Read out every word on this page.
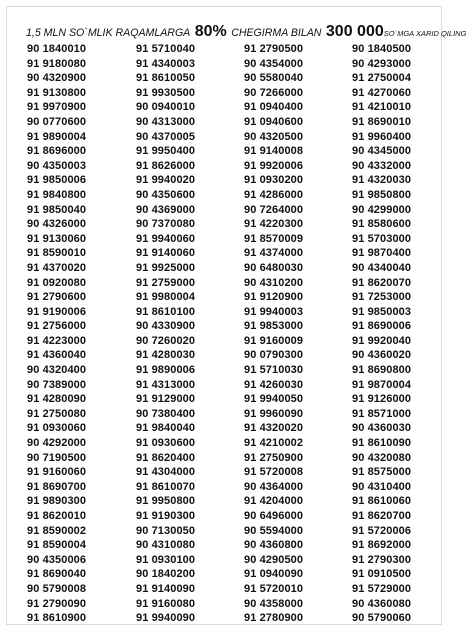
1,5 MLN SO`MLIK RAQAMLARGA 80% CHEGIRMA BILAN 300 000SO`MGA XARID QILING
90 1840010	91 5710040	91 2790500	90 1840500
91 9180080	91 4340003	90 4354000	90 4293000
90 4320900	91 8610050	90 5580040	91 2750004
91 9130800	91 9930500	90 7266000	91 4270060
91 9970900	90 0940010	91 0940400	91 4210010
90 0770600	90 4313000	91 0940600	91 8690010
91 9890004	90 4370005	90 4320500	91 9960400
91 8696000	91 9950400	91 9140008	90 4345000
90 4350003	91 8626000	91 9920006	90 4332000
91 9850006	91 9940020	91 0930200	91 4320030
91 9840800	90 4350600	91 4286000	91 9850800
91 9850040	90 4369000	90 7264000	90 4299000
90 4326000	90 7370080	91 4220300	91 8580600
91 9130060	91 9940060	91 8570009	91 5703000
91 8590010	91 9140060	91 4374000	91 9870400
91 4370020	91 9925000	90 6480030	90 4340040
91 0920080	91 2759000	90 4310200	91 8620070
91 2790600	91 9980004	91 9120900	91 7253000
91 9190006	91 8610100	91 9940003	91 9850003
91 2756000	90 4330900	91 9853000	91 8690006
91 4223000	90 7260020	91 9160009	91 9920040
91 4360040	91 4280030	90 0790300	90 4360020
90 4320400	91 9890006	91 5710030	91 8690800
90 7389000	91 4313000	91 4260030	91 9870004
91 4280090	91 9129000	91 9940050	91 9126000
91 2750080	90 7380400	91 9960090	91 8571000
91 0930060	91 9840040	91 4320020	90 4360030
90 4292000	91 0930600	91 4210002	91 8610090
90 7190500	91 8620400	91 2750900	90 4320080
91 9160060	91 4304000	91 5720008	91 8575000
91 8690700	91 8610070	90 4364000	90 4310400
91 9890300	91 9950800	91 4204000	91 8610060
91 8620010	91 9190300	90 6496000	91 8620700
91 8590002	90 7130050	90 5594000	91 5720006
91 8590004	90 4310080	90 4360800	91 8692000
90 4350006	91 0930100	90 4290500	91 2790300
91 8690040	90 1840200	91 0940090	91 0910500
90 5790008	91 9140090	91 5720010	91 5729000
91 2790090	91 9160080	90 4358000	90 4360080
91 8610900	91 9940090	91 2780900	90 5790060
